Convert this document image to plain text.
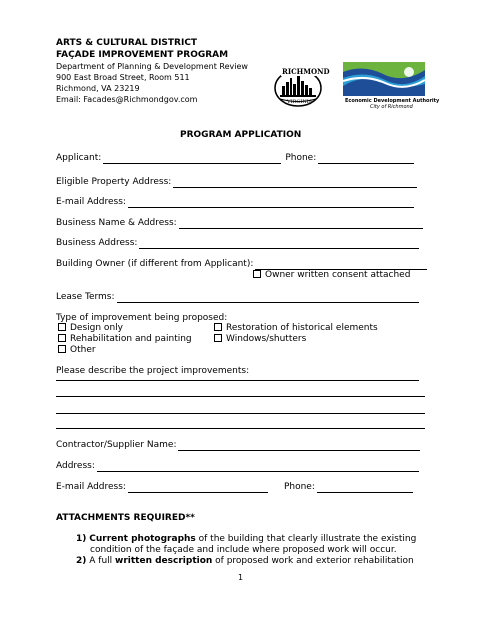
ARTS & CULTURAL DISTRICT
FAÇADE IMPROVEMENT PROGRAM
Department of Planning & Development Review
900 East Broad Street, Room 511
Richmond, VA 23219
Email: Facades@Richmondgov.com
RICHMOND
VIRGINIA	Economic Development Authority
City of Richmond
PROGRAM APPLICATION
Applicant:	Phone:
Eligible Property Address:
E-mail Address:
Business Name & Address:
Business Address:
Building Owner (if different from Applicant):
Owner written consent attached
Lease Terms:
Type of improvement being proposed:
Design only
Rehabilitation and painting
Other
Restoration of historical elements
Windows/shutters
Please describe the project improvements:
Contractor/Supplier Name:
Address:
E-mail Address:	Phone:
ATTACHMENTS REQUIRED**
1) Current photographs of the building that clearly illustrate the existing
condition of the façade and include where proposed work will occur.
2) A full written description of proposed work and exterior rehabilitation
1
